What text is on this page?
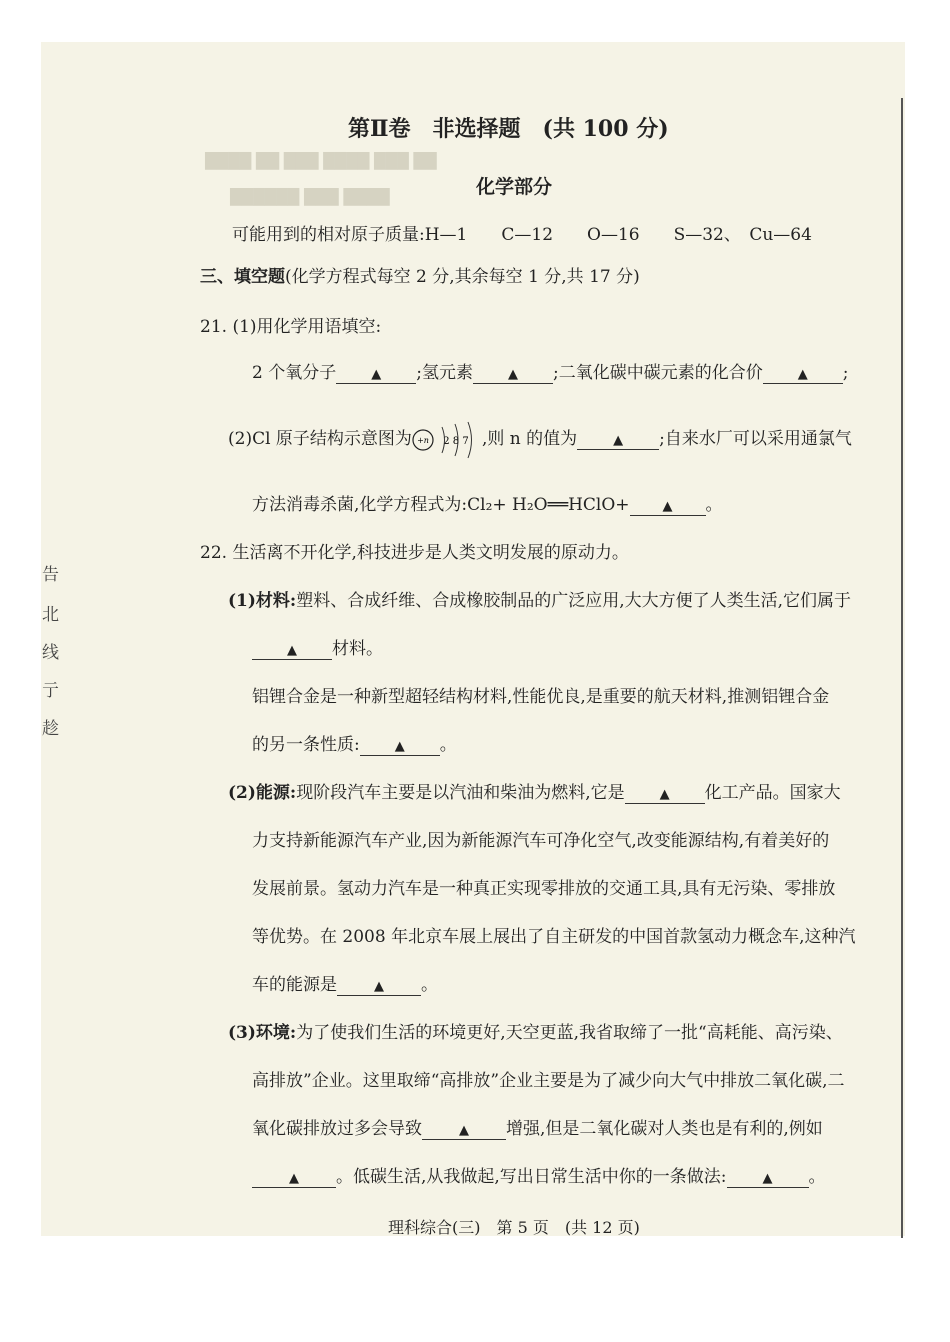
████ ██ ███ ████ ███ ██
██████ ███ ████
第Ⅱ卷　非选择题　(共 100 分)
化学部分
可能用到的相对原子质量:H—1　　C—12　　O—16　　S—32、　Cu—64
三、填空题(化学方程式每空 2 分,其余每空 1 分,共 17 分)
21. (1)用化学用语填空:
2 个氧分子	▲ ;氢元素	▲ ;二氧化碳中碳元素的化合价	▲ ;
(2)Cl 原子结构示意图为 +n 2 8 7 ,则 n 的值为	▲ ;自来水厂可以采用通氯气
方法消毒杀菌,化学方程式为:Cl₂+ H₂O══HClO+	▲ 。
22. 生活离不开化学,科技进步是人类文明发展的原动力。
(1)材料:塑料、合成纤维、合成橡胶制品的广泛应用,大大方便了人类生活,它们属于
▲ 材料。
铝锂合金是一种新型超轻结构材料,性能优良,是重要的航天材料,推测铝锂合金
的另一条性质:	▲ 。
(2)能源:现阶段汽车主要是以汽油和柴油为燃料,它是	▲ 化工产品。国家大
力支持新能源汽车产业,因为新能源汽车可净化空气,改变能源结构,有着美好的
发展前景。氢动力汽车是一种真正实现零排放的交通工具,具有无污染、零排放
等优势。在 2008 年北京车展上展出了自主研发的中国首款氢动力概念车,这种汽
车的能源是	▲ 。
(3)环境:为了使我们生活的环境更好,天空更蓝,我省取缔了一批“高耗能、高污染、
高排放”企业。这里取缔“高排放”企业主要是为了减少向大气中排放二氧化碳,二
氧化碳排放过多会导致	▲ 增强,但是二氧化碳对人类也是有利的,例如
▲ 。低碳生活,从我做起,写出日常生活中你的一条做法:	▲ 。
告
北
线
亍
趁
理科综合(三)　第 5 页　(共 12 页)
